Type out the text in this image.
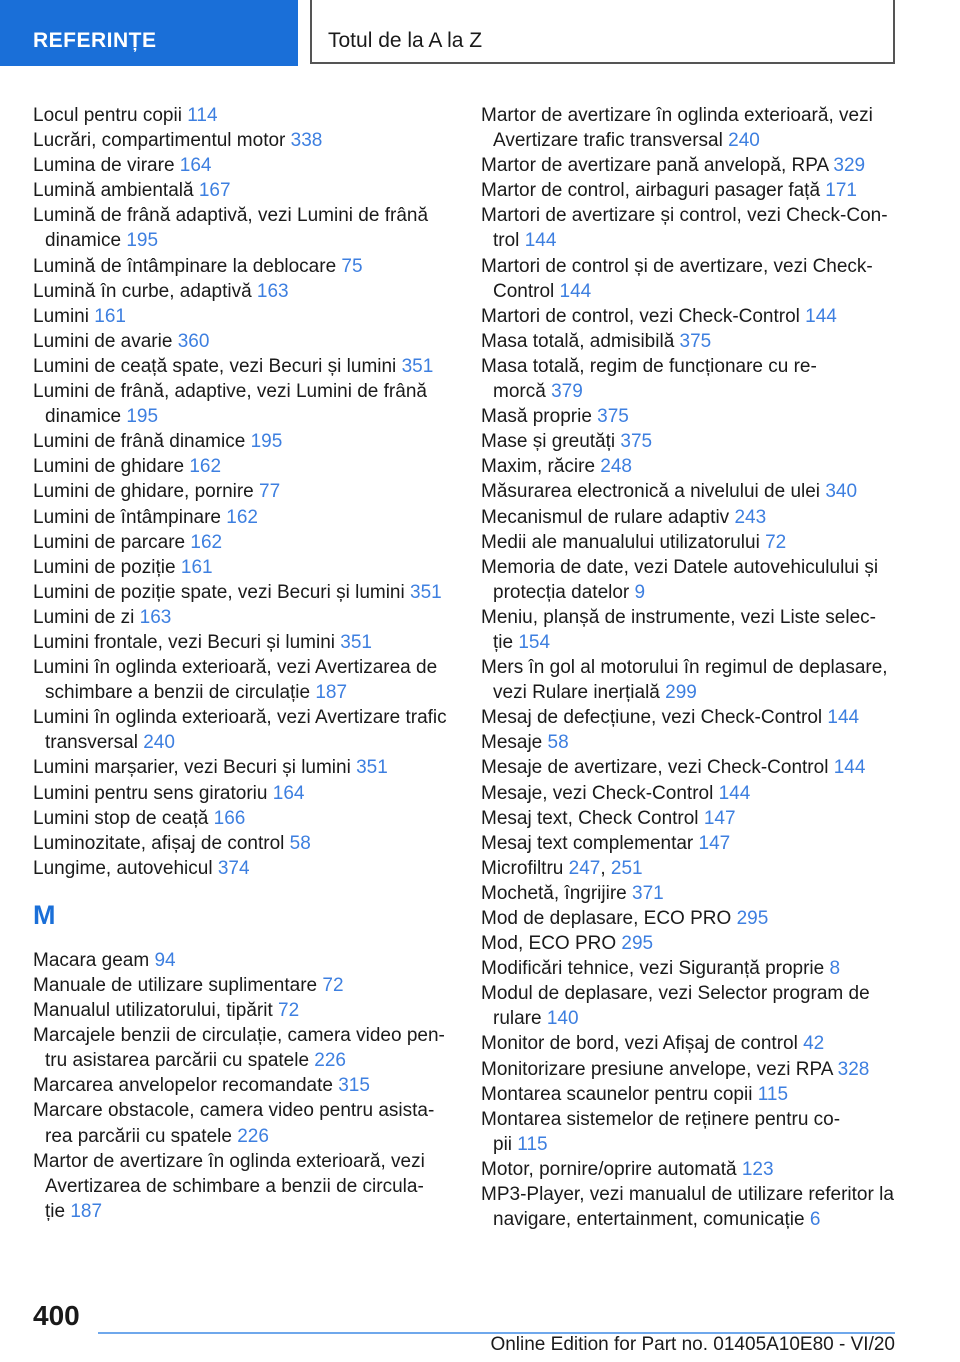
REFERINȚE	Totul de la A la Z
Locul pentru copii 114
Lucrări, compartimentul motor 338
Lumina de virare 164
Lumină ambientală 167
Lumină de frână adaptivă, vezi Lumini de frână
dinamice 195
Lumină de întâmpinare la deblocare 75
Lumină în curbe, adaptivă 163
Lumini 161
Lumini de avarie 360
Lumini de ceață spate, vezi Becuri și lumini 351
Lumini de frână, adaptive, vezi Lumini de frână
dinamice 195
Lumini de frână dinamice 195
Lumini de ghidare 162
Lumini de ghidare, pornire 77
Lumini de întâmpinare 162
Lumini de parcare 162
Lumini de poziție 161
Lumini de poziție spate, vezi Becuri și lumini 351
Lumini de zi 163
Lumini frontale, vezi Becuri și lumini 351
Lumini în oglinda exterioară, vezi Avertizarea de
schimbare a benzii de circulație 187
Lumini în oglinda exterioară, vezi Avertizare trafic
transversal 240
Lumini marșarier, vezi Becuri și lumini 351
Lumini pentru sens giratoriu 164
Lumini stop de ceață 166
Luminozitate, afișaj de control 58
Lungime, autovehicul 374
M
Macara geam 94
Manuale de utilizare suplimentare 72
Manualul utilizatorului, tipărit 72
Marcajele benzii de circulație, camera video pen-
tru asistarea parcării cu spatele 226
Marcarea anvelopelor recomandate 315
Marcare obstacole, camera video pentru asista-
rea parcării cu spatele 226
Martor de avertizare în oglinda exterioară, vezi
Avertizarea de schimbare a benzii de circula-
ție 187
Martor de avertizare în oglinda exterioară, vezi
Avertizare trafic transversal 240
Martor de avertizare pană anvelopă, RPA 329
Martor de control, airbaguri pasager față 171
Martori de avertizare și control, vezi Check-Con-
trol 144
Martori de control și de avertizare, vezi Check-
Control 144
Martori de control, vezi Check-Control 144
Masa totală, admisibilă 375
Masa totală, regim de funcționare cu re-
morcă 379
Masă proprie 375
Mase și greutăți 375
Maxim, răcire 248
Măsurarea electronică a nivelului de ulei 340
Mecanismul de rulare adaptiv 243
Medii ale manualului utilizatorului 72
Memoria de date, vezi Datele autovehiculului și
protecția datelor 9
Meniu, planșă de instrumente, vezi Liste selec-
ție 154
Mers în gol al motorului în regimul de deplasare,
vezi Rulare inerțială 299
Mesaj de defecțiune, vezi Check-Control 144
Mesaje 58
Mesaje de avertizare, vezi Check-Control 144
Mesaje, vezi Check-Control 144
Mesaj text, Check Control 147
Mesaj text complementar 147
Microfiltru 247, 251
Mochetă, îngrijire 371
Mod de deplasare, ECO PRO 295
Mod, ECO PRO 295
Modificări tehnice, vezi Siguranță proprie 8
Modul de deplasare, vezi Selector program de
rulare 140
Monitor de bord, vezi Afișaj de control 42
Monitorizare presiune anvelope, vezi RPA 328
Montarea scaunelor pentru copii 115
Montarea sistemelor de reținere pentru co-
pii 115
Motor, pornire/oprire automată 123
MP3-Player, vezi manualul de utilizare referitor la
navigare, entertainment, comunicație 6
400
Online Edition for Part no. 01405A10E80 - VI/20
